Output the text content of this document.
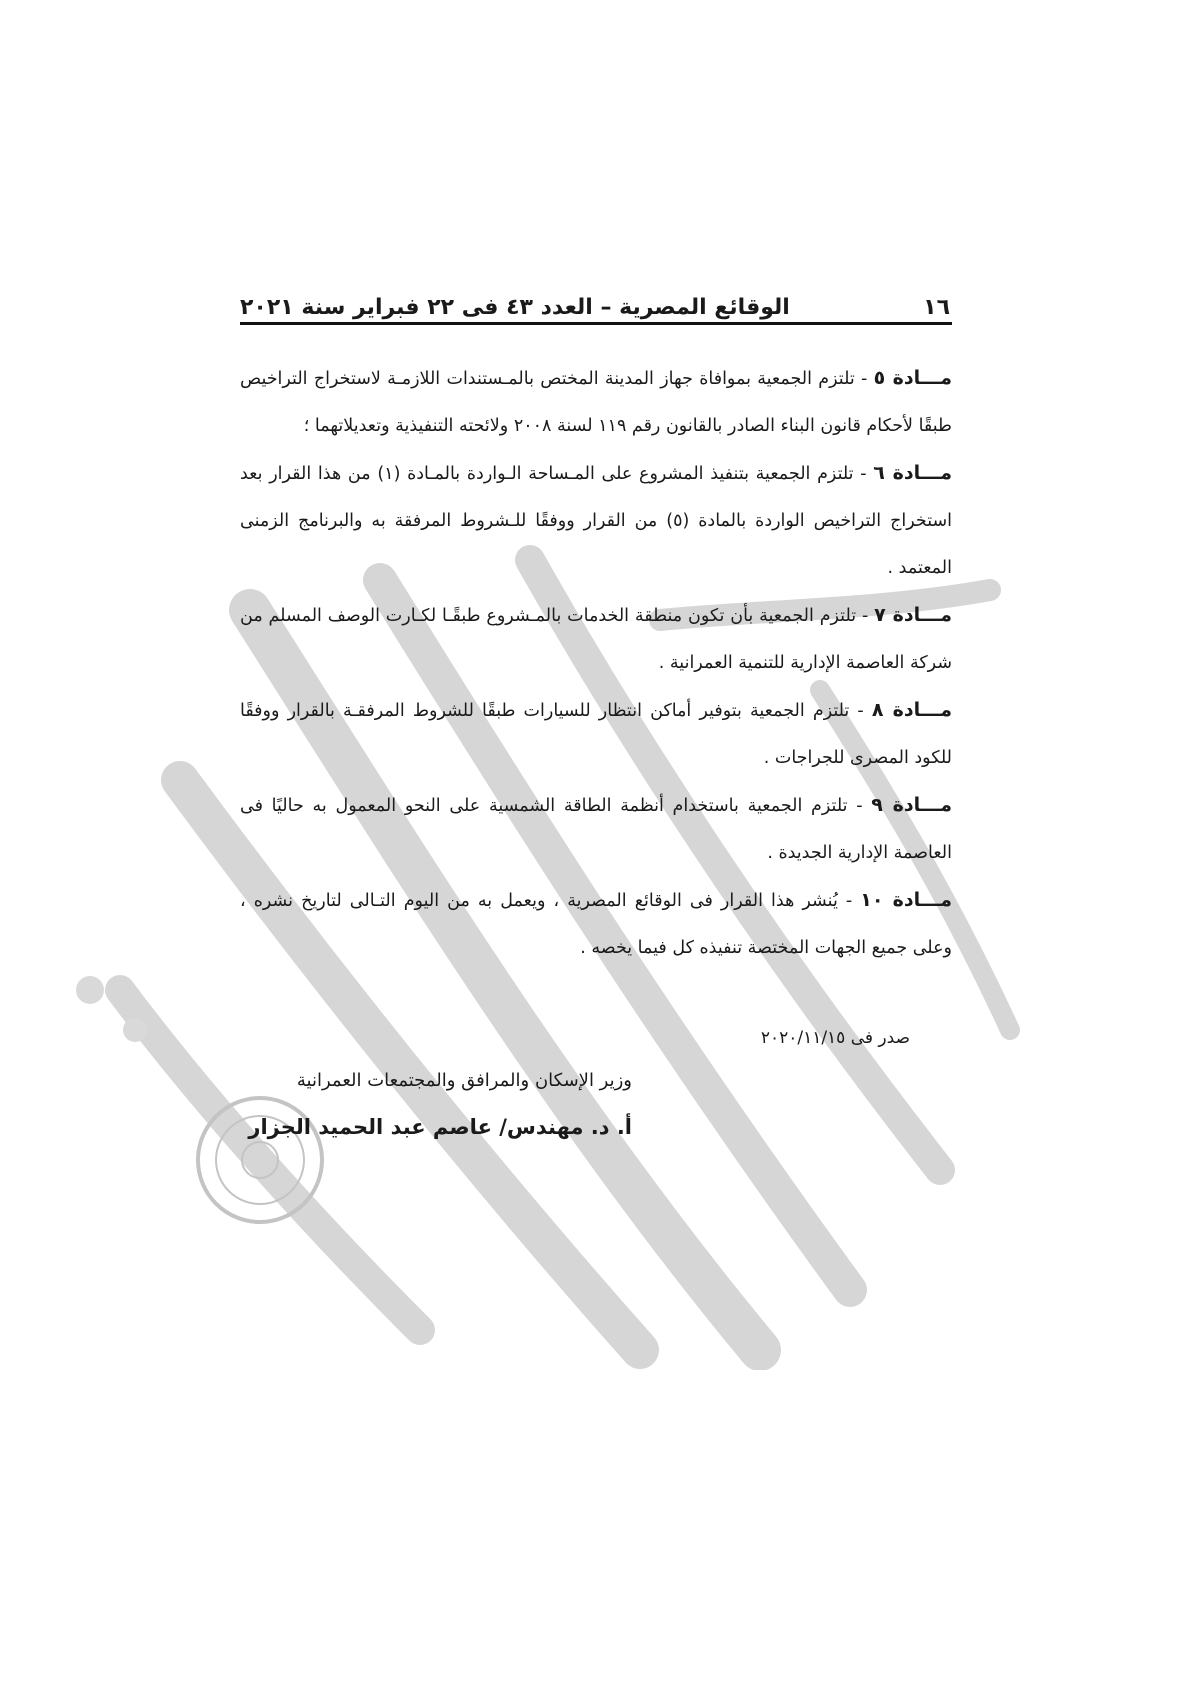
١٦
الوقائع المصرية – العدد ٤٣ فى ٢٢ فبراير سنة ٢٠٢١

مـــادة ٥ - تلتزم الجمعية بموافاة جهاز المدينة المختص بالمـستندات اللازمـة لاستخراج التراخيص طبقًا لأحكام قانون البناء الصادر بالقانون رقم ١١٩ لسنة ٢٠٠٨ ولائحته التنفيذية وتعديلاتهما ؛

مـــادة ٦ - تلتزم الجمعية بتنفيذ المشروع على المـساحة الـواردة بالمـادة (١) من هذا القرار بعد استخراج التراخيص الواردة بالمادة (٥) من القرار ووفقًا للـشروط المرفقة به والبرنامج الزمنى المعتمد .

مـــادة ٧ - تلتزم الجمعية بأن تكون منطقة الخدمات بالمـشروع طبقًـا لكـارت الوصف المسلم من شركة العاصمة الإدارية للتنمية العمرانية .

مـــادة ٨ - تلتزم الجمعية بتوفير أماكن انتظار للسيارات طبقًا للشروط المرفقـة بالقرار ووفقًا للكود المصرى للجراجات .

مـــادة ٩ - تلتزم الجمعية باستخدام أنظمة الطاقة الشمسية على النحو المعمول به حاليًا فى العاصمة الإدارية الجديدة .

مـــادة ١٠ - يُنشر هذا القرار فى الوقائع المصرية ، ويعمل به من اليوم التـالى لتاريخ نشره ، وعلى جميع الجهات المختصة تنفيذه كل فيما يخصه .

صدر فى ٢٠٢٠/١١/١٥
وزير الإسكان والمرافق والمجتمعات العمرانية
أ. د. مهندس/ عاصم عبد الحميد الجزار
